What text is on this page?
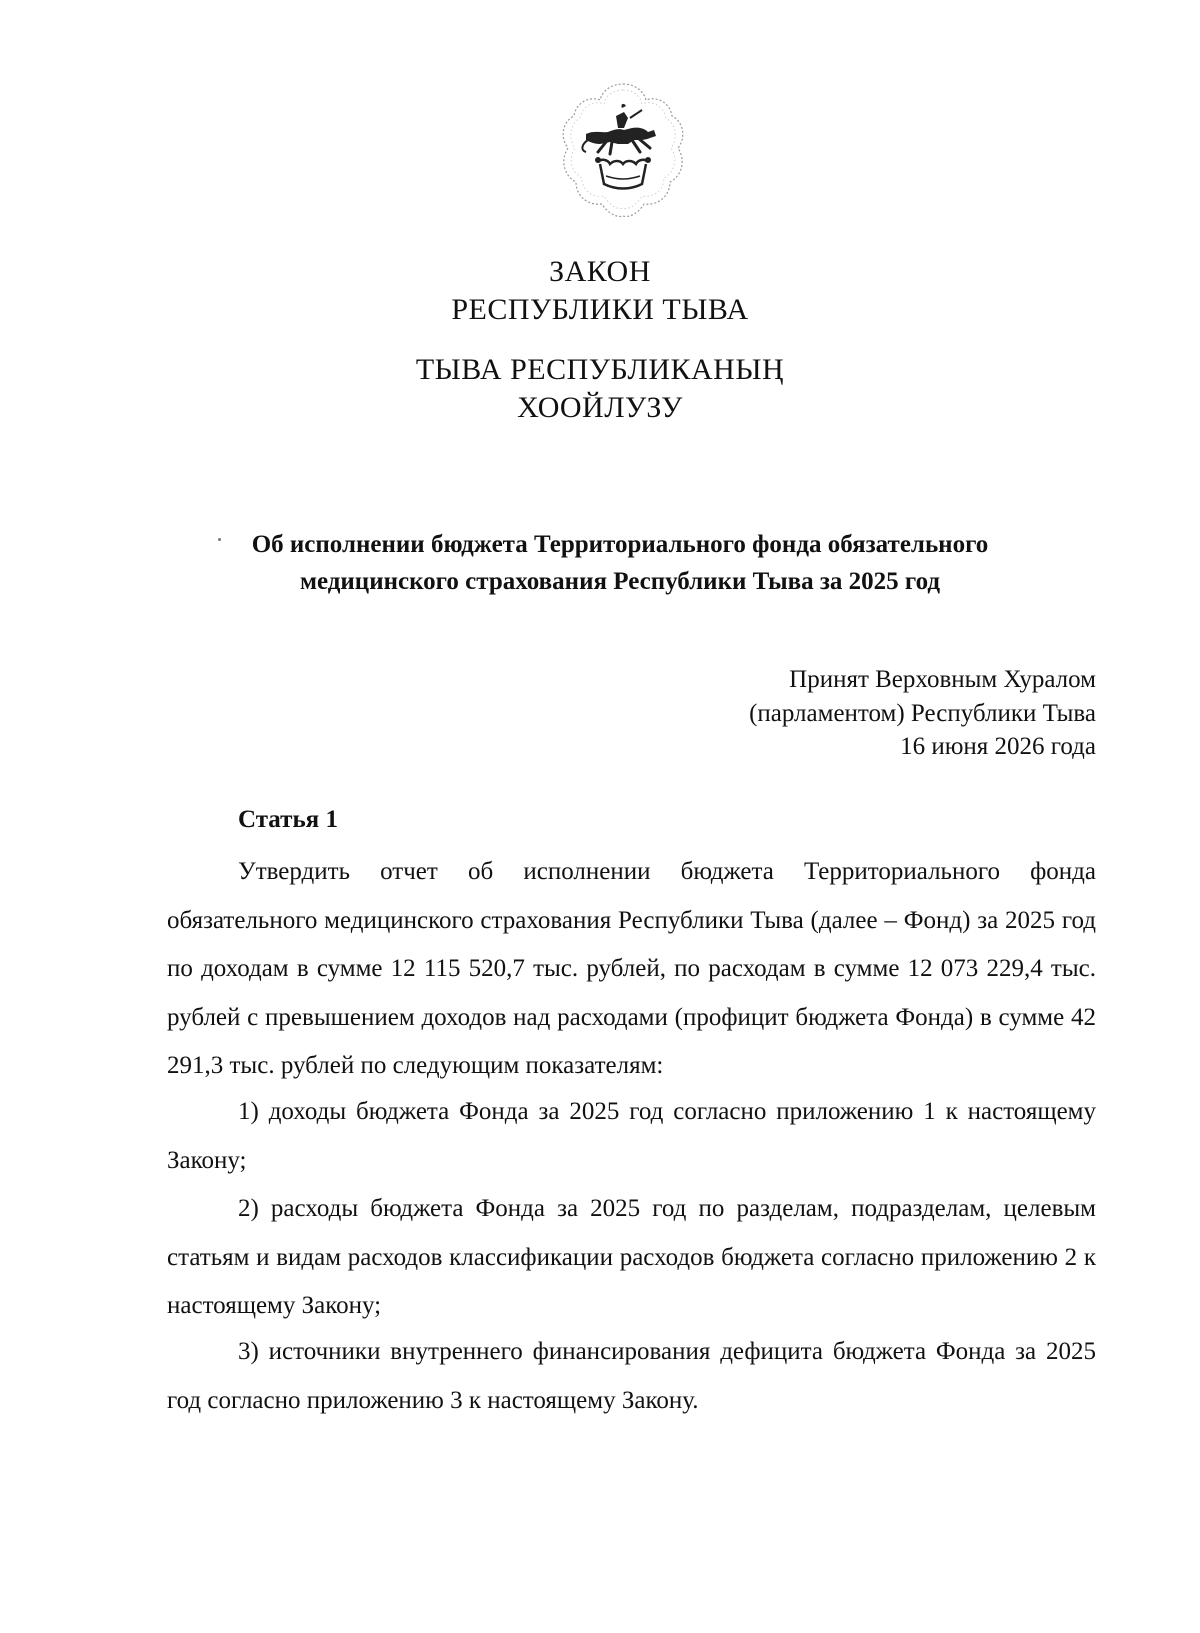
ЗАКОН
РЕСПУБЛИКИ ТЫВА
ТЫВА РЕСПУБЛИКАНЫҢ
ХООЙЛУЗУ
Об исполнении бюджета Территориального фонда обязательного
медицинского страхования Республики Тыва за 2025 год
Принят Верховным Хуралом
(парламентом) Республики Тыва
16 июня 2026 года
Статья 1

Утвердить отчет об исполнении бюджета Территориального фонда обязательного медицинского страхования Республики Тыва (далее – Фонд) за 2025 год по доходам в сумме 12 115 520,7 тыс. рублей, по расходам в сумме 12 073 229,4 тыс. рублей с превышением доходов над расходами (профицит бюджета Фонда) в сумме 42 291,3 тыс. рублей по следующим показателям:

1) доходы бюджета Фонда за 2025 год согласно приложению 1 к настоящему Закону;

2) расходы бюджета Фонда за 2025 год по разделам, подразделам, целевым статьям и видам расходов классификации расходов бюджета согласно приложению 2 к настоящему Закону;

3) источники внутреннего финансирования дефицита бюджета Фонда за 2025 год согласно приложению 3 к настоящему Закону.
